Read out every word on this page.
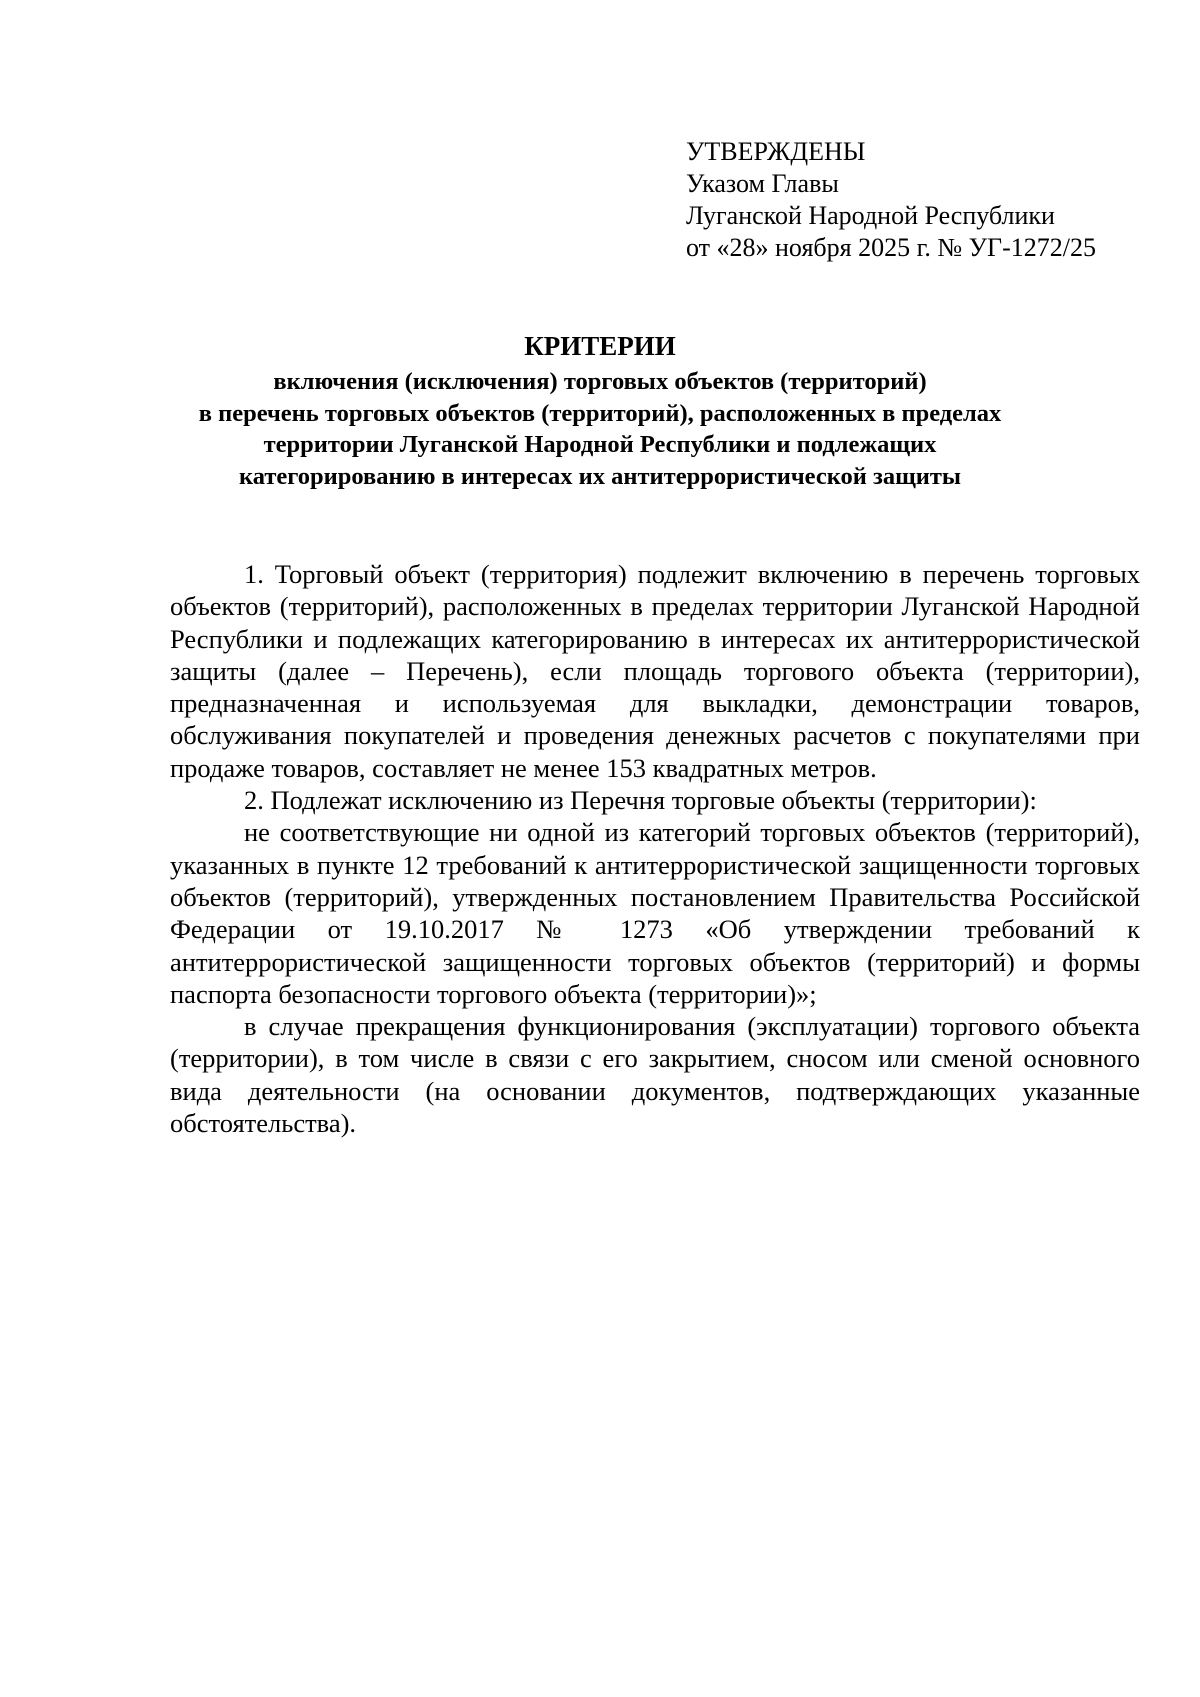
УТВЕРЖДЕНЫ
Указом Главы
Луганской Народной Республики
от «28» ноября 2025 г. № УГ-1272/25
КРИТЕРИИ
включения (исключения) торговых объектов (территорий)
в перечень торговых объектов (территорий), расположенных в пределах
территории Луганской Народной Республики и подлежащих
категорированию в интересах их антитеррористической защиты

1. Торговый объект (территория) подлежит включению в перечень торговых объектов (территорий), расположенных в пределах территории Луганской Народной Республики и подлежащих категорированию в интересах их антитеррористической защиты (далее – Перечень), если площадь торгового объекта (территории), предназначенная и используемая для выкладки, демонстрации товаров, обслуживания покупателей и проведения денежных расчетов с покупателями при продаже товаров, составляет не менее 153 квадратных метров.

2. Подлежат исключению из Перечня торговые объекты (территории):

не соответствующие ни одной из категорий торговых объектов (территорий), указанных в пункте 12 требований к антитеррористической защищенности торговых объектов (территорий), утвержденных постановлением Правительства Российской Федерации от 19.10.2017 № 1273 «Об утверждении требований к антитеррористической защищенности торговых объектов (территорий) и формы паспорта безопасности торгового объекта (территории)»;

в случае прекращения функционирования (эксплуатации) торгового объекта (территории), в том числе в связи с его закрытием, сносом или сменой основного вида деятельности (на основании документов, подтверждающих указанные обстоятельства).
